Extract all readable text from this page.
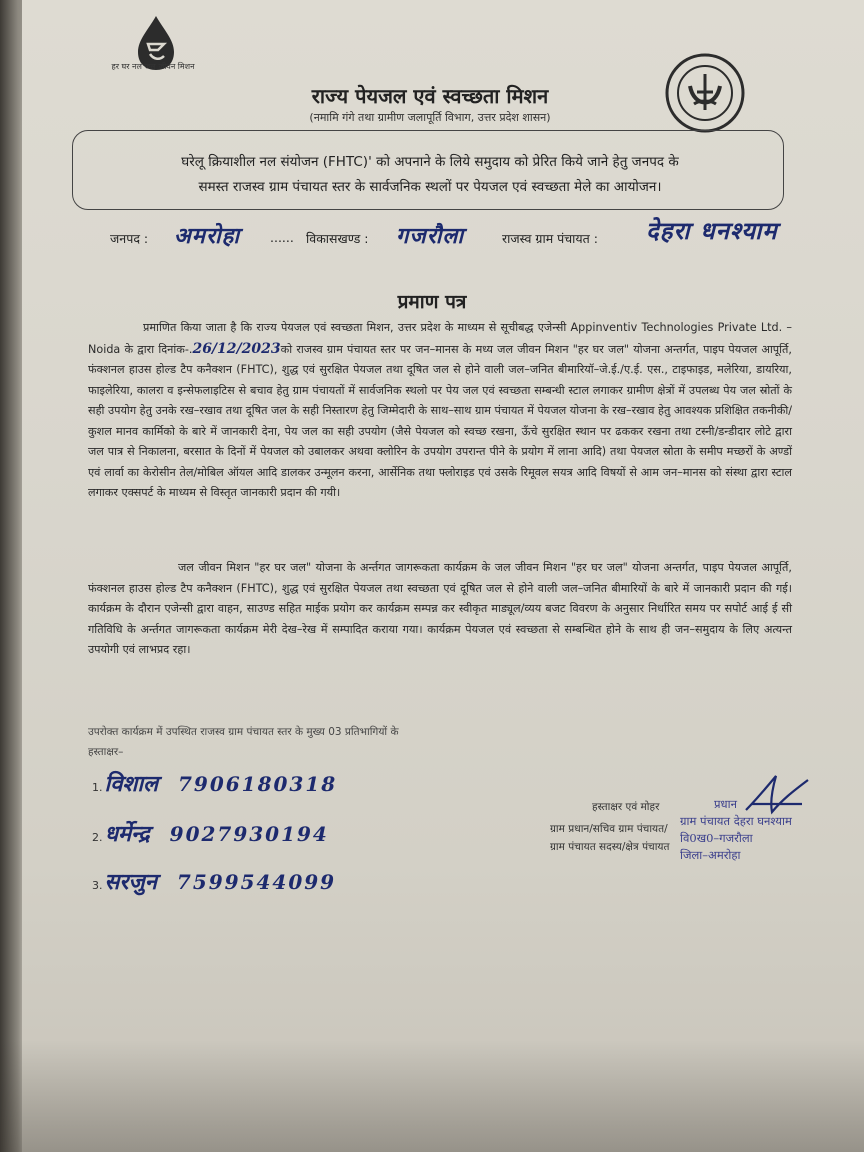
हर घर नल जल जीवन मिशन
राज्य पेयजल एवं स्वच्छता मिशन
(नमामि गंगे तथा ग्रामीण जलापूर्ति विभाग, उत्तर प्रदेश शासन)
घरेलू क्रियाशील नल संयोजन (FHTC)' को अपनाने के लिये समुदाय को प्रेरित किये जाने हेतु जनपद के
समस्त राजस्व ग्राम पंचायत स्तर के सार्वजनिक स्थलों पर पेयजल एवं स्वच्छता मेले का आयोजन।
जनपद : अमरोहा ...... विकासखण्ड : गजरौला	राजस्व ग्राम पंचायत : देहरा धनश्याम
प्रमाण पत्र
प्रमाणित किया जाता है कि राज्य पेयजल एवं स्वच्छता मिशन, उत्तर प्रदेश के माध्यम से सूचीबद्ध एजेन्सी Appinventiv Technologies Private Ltd. – Noida के द्वारा दिनांक-.26/12/2023को राजस्व ग्राम पंचायत स्तर पर जन–मानस के मध्य जल जीवन मिशन "हर घर जल" योजना अन्तर्गत, पाइप पेयजल आपूर्ति, फंक्शनल हाउस होल्ड टैप कनैक्शन (FHTC), शुद्ध एवं सुरक्षित पेयजल तथा दूषित जल से होने वाली जल–जनित बीमारियॉ–जे.ई./ए.ई. एस., टाइफाइड, मलेरिया, डायरिया, फाइलेरिया, कालरा व इन्सेफलाइटिस से बचाव हेतु ग्राम पंचायतों में सार्वजनिक स्थलो पर पेय जल एवं स्वच्छता सम्बन्धी स्टाल लगाकर ग्रामीण क्षेत्रों में उपलब्ध पेय जल स्रोतों के सही उपयोग हेतु उनके रख–रखाव तथा दूषित जल के सही निस्तारण हेतु जिम्मेदारी के साथ–साथ ग्राम पंचायत में पेयजल योजना के रख–रखाव हेतु आवश्यक प्रशिक्षित तकनीकी/कुशल मानव कार्मिको के बारे में जानकारी देना, पेय जल का सही उपयोग (जैसे पेयजल को स्वच्छ रखना, ऊँचे सुरक्षित स्थान पर ढककर रखना तथा टस्नी/डन्डीदार लोटे द्वारा जल पात्र से निकालना, बरसात के दिनों में पेयजल को उबालकर अथवा क्लोरिन के उपयोग उपरान्त पीने के प्रयोग में लाना आदि) तथा पेयजल स्रोता के समीप मच्छरों के अण्डों एवं लार्वा का केरोसीन तेल/मोबिल ऑयल आदि डालकर उन्मूलन करना, आर्सेनिक तथा फ्लोराइड एवं उसके रिमूवल सयत्र आदि विषयों से आम जन–मानस को संस्था द्वारा स्टाल लगाकर एक्सपर्ट के माध्यम से विस्तृत जानकारी प्रदान की गयी।
जल जीवन मिशन "हर घर जल" योजना के अर्न्तगत जागरूकता कार्यक्रम के जल जीवन मिशन "हर घर जल" योजना अन्तर्गत, पाइप पेयजल आपूर्ति, फंक्शनल हाउस होल्ड टैप कनैक्शन (FHTC), शुद्ध एवं सुरक्षित पेयजल तथा स्वच्छता एवं दूषित जल से होने वाली जल–जनित बीमारियों के बारे में जानकारी प्रदान की गई। कार्यक्रम के दौरान एजेन्सी द्वारा वाहन, साउण्ड सहित माईक प्रयोग कर कार्यक्रम सम्पन्न कर स्वीकृत माड्यूल/व्यय बजट विवरण के अनुसार निर्धारित समय पर सपोर्ट आई ई सी गतिविधि के अर्न्तगत जागरूकता कार्यक्रम मेरी देख–रेख में सम्पादित कराया गया। कार्यक्रम पेयजल एवं स्वच्छता से सम्बन्धित होने के साथ ही जन–समुदाय के लिए अत्यन्त उपयोगी एवं लाभप्रद रहा।
उपरोक्त कार्यक्रम में उपस्थित राजस्व ग्राम पंचायत स्तर के मुख्य 03 प्रतिभागियों के
हस्ताक्षर–
1.विशाल 7906180318
2.धर्मेन्द्र 9027930194
3.सरजुन 7599544099
हस्ताक्षर एवं मोहर
ग्राम प्रधान/सचिव ग्राम पंचायत/
ग्राम पंचायत सदस्य/क्षेत्र पंचायत
प्रधान
ग्राम पंचायत देहरा घनश्याम
वि0ख0–गजरौला
जिला–अमरोहा
